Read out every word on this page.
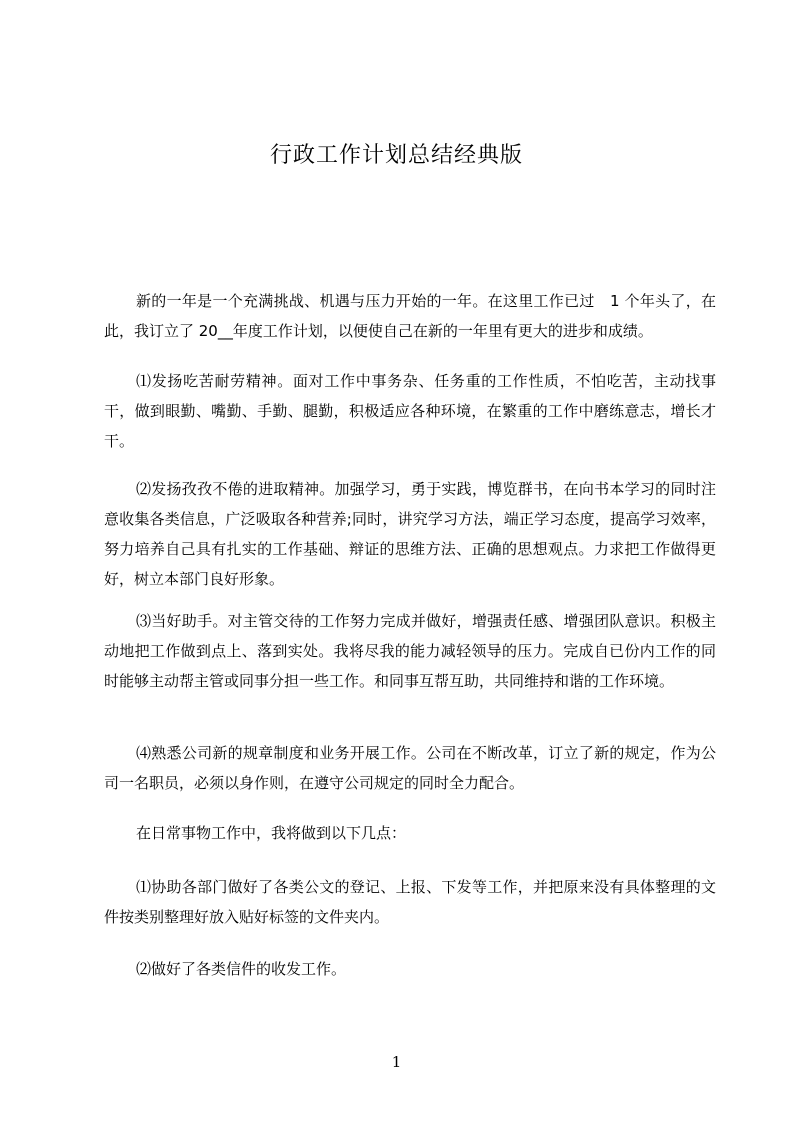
行政工作计划总结经典版

新的一年是一个充满挑战、机遇与压力开始的一年。在这里工作已过　1 个年头了，在此，我订立了 20__年度工作计划，以便使自己在新的一年里有更大的进步和成绩。

⑴发扬吃苦耐劳精神。面对工作中事务杂、任务重的工作性质，不怕吃苦，主动找事干，做到眼勤、嘴勤、手勤、腿勤，积极适应各种环境，在繁重的工作中磨练意志，增长才干。

⑵发扬孜孜不倦的进取精神。加强学习，勇于实践，博览群书，在向书本学习的同时注意收集各类信息，广泛吸取各种营养;同时，讲究学习方法，端正学习态度，提高学习效率，努力培养自己具有扎实的工作基础、辩证的思维方法、正确的思想观点。力求把工作做得更好，树立本部门良好形象。

⑶当好助手。对主管交待的工作努力完成并做好，增强责任感、增强团队意识。积极主动地把工作做到点上、落到实处。我将尽我的能力减轻领导的压力。完成自已份内工作的同时能够主动帮主管或同事分担一些工作。和同事互帮互助，共同维持和谐的工作环境。

⑷熟悉公司新的规章制度和业务开展工作。公司在不断改革，订立了新的规定，作为公司一名职员，必须以身作则，在遵守公司规定的同时全力配合。

在日常事物工作中，我将做到以下几点：

⑴协助各部门做好了各类公文的登记、上报、下发等工作，并把原来没有具体整理的文件按类别整理好放入贴好标签的文件夹内。

⑵做好了各类信件的收发工作。

1
